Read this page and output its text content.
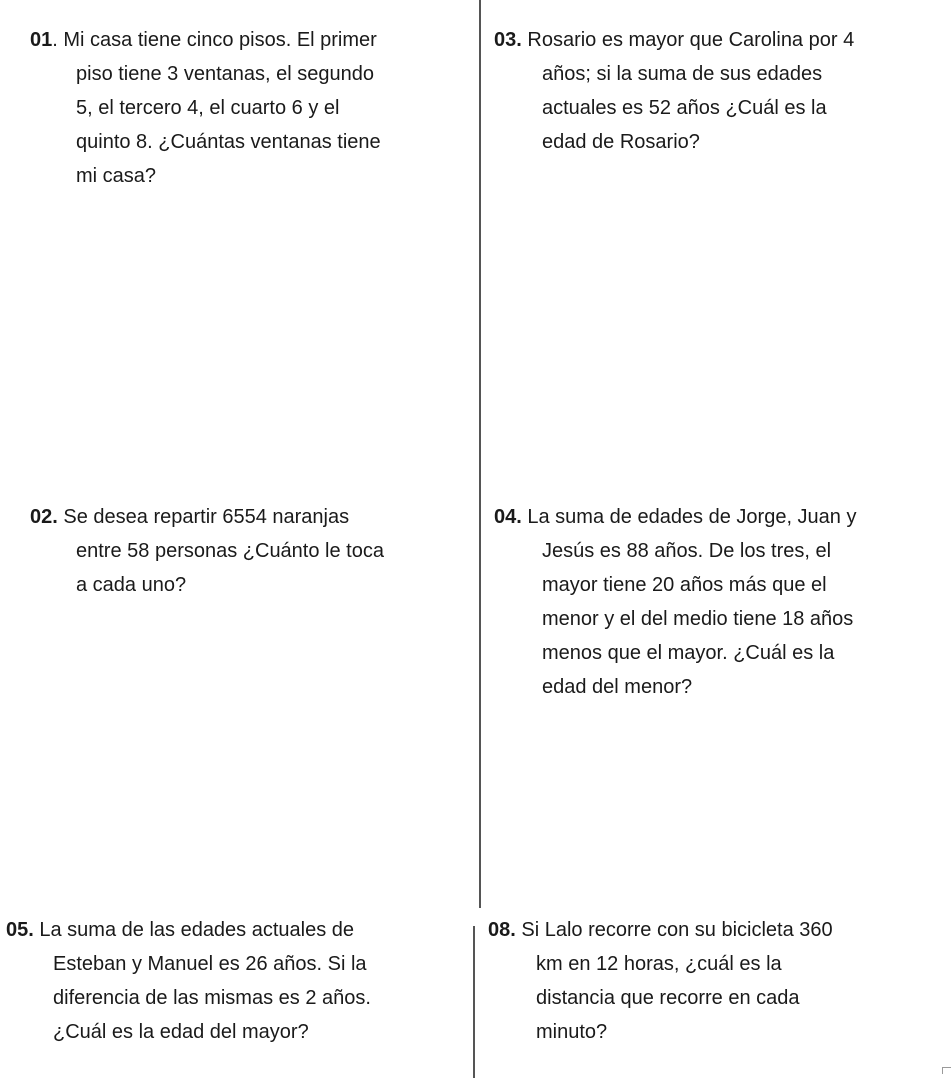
01. Mi casa tiene cinco pisos. El primer
piso tiene 3 ventanas, el segundo
5, el tercero 4, el cuarto 6 y el
quinto 8. ¿Cuántas ventanas tiene
mi casa?
03. Rosario es mayor que Carolina por 4
años; si la suma de sus edades
actuales es 52 años ¿Cuál es la
edad de Rosario?
02. Se desea repartir 6554 naranjas
entre 58 personas ¿Cuánto le toca
a cada uno?
04. La suma de edades de Jorge, Juan y
Jesús es 88 años. De los tres, el
mayor tiene 20 años más que el
menor y el del medio tiene 18 años
menos que el mayor. ¿Cuál es la
edad del menor?
05. La suma de las edades actuales de
Esteban y Manuel es 26 años. Si la
diferencia de las mismas es 2 años.
¿Cuál es la edad del mayor?
08. Si Lalo recorre con su bicicleta 360
km en 12 horas, ¿cuál es la
distancia que recorre en cada
minuto?
